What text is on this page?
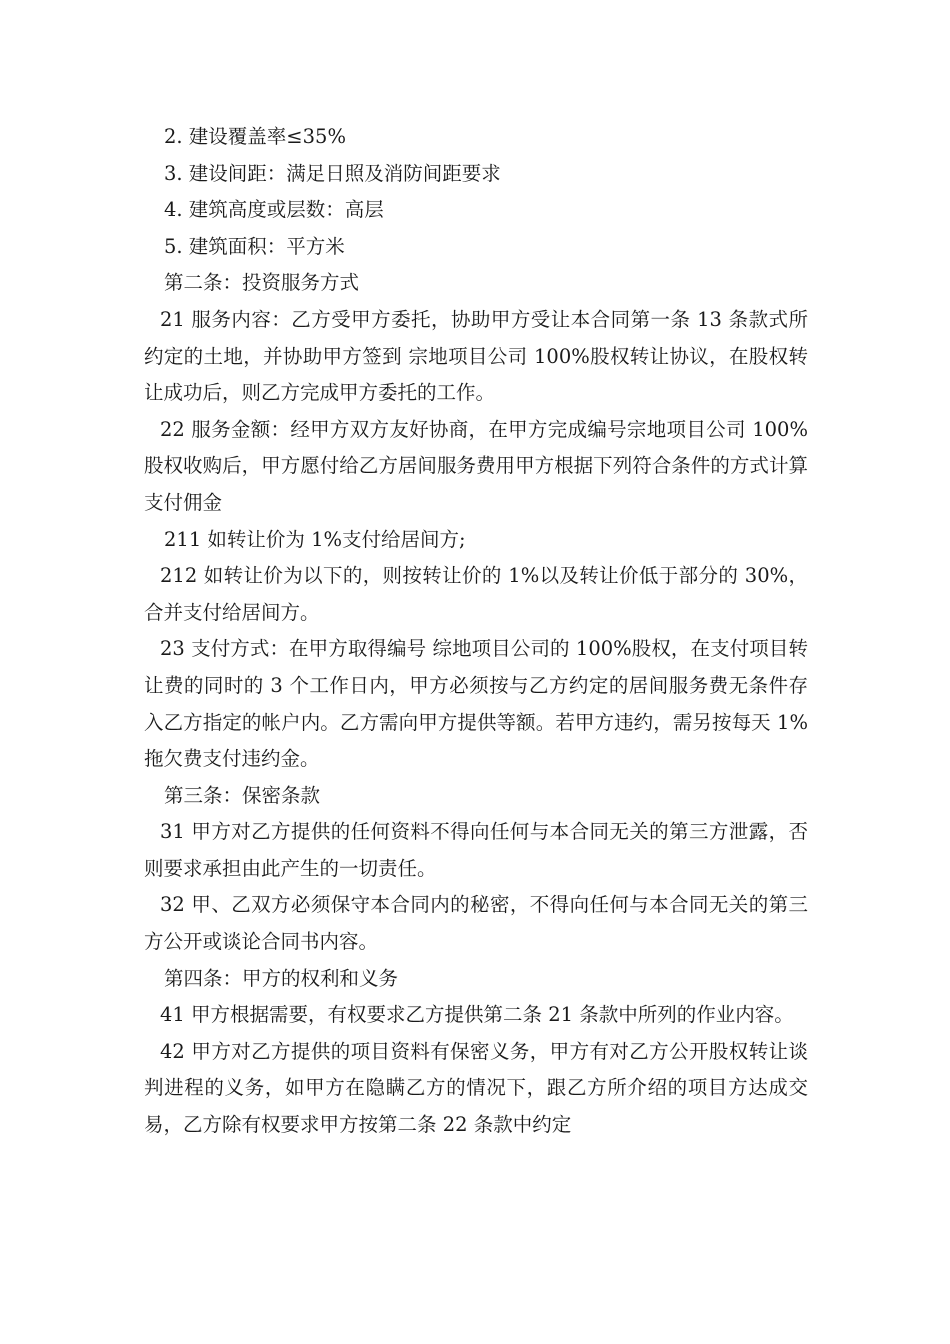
2. 建设覆盖率≤35%

3. 建设间距：满足日照及消防间距要求

4. 建筑高度或层数：高层

5. 建筑面积：平方米

第二条：投资服务方式

21 服务内容：乙方受甲方委托，协助甲方受让本合同第一条 13 条款式所约定的土地，并协助甲方签到 宗地项目公司 100%股权转让协议，在股权转让成功后，则乙方完成甲方委托的工作。

22 服务金额：经甲方双方友好协商，在甲方完成编号宗地项目公司 100%股权收购后，甲方愿付给乙方居间服务费用甲方根据下列符合条件的方式计算支付佣金

211 如转让价为 1%支付给居间方;

212 如转让价为以下的，则按转让价的 1%以及转让价低于部分的 30%，合并支付给居间方。

23 支付方式：在甲方取得编号 综地项目公司的 100%股权，在支付项目转让费的同时的 3 个工作日内，甲方必须按与乙方约定的居间服务费无条件存入乙方指定的帐户内。乙方需向甲方提供等额。若甲方违约，需另按每天 1%拖欠费支付违约金。

第三条：保密条款

31 甲方对乙方提供的任何资料不得向任何与本合同无关的第三方泄露，否则要求承担由此产生的一切责任。

32 甲、乙双方必须保守本合同内的秘密，不得向任何与本合同无关的第三方公开或谈论合同书内容。

第四条：甲方的权利和义务

41 甲方根据需要，有权要求乙方提供第二条 21 条款中所列的作业内容。

42 甲方对乙方提供的项目资料有保密义务，甲方有对乙方公开股权转让谈判进程的义务，如甲方在隐瞒乙方的情况下，跟乙方所介绍的项目方达成交易，乙方除有权要求甲方按第二条 22 条款中约定
